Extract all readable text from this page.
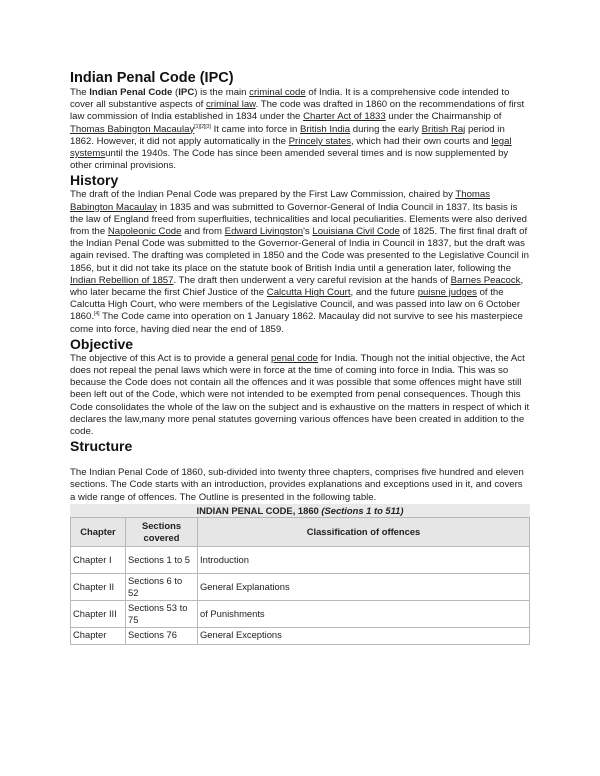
Indian Penal Code (IPC)

The Indian Penal Code (IPC) is the main criminal code of India. It is a comprehensive code intended to cover all substantive aspects of criminal law. The code was drafted in 1860 on the recommendations of first law commission of India established in 1834 under the Charter Act of 1833 under the Chairmanship of Thomas Babington Macaulay[1][2][3] It came into force in British India during the early British Raj period in 1862. However, it did not apply automatically in the Princely states, which had their own courts and legal systemsuntil the 1940s. The Code has since been amended several times and is now supplemented by other criminal provisions.

History

The draft of the Indian Penal Code was prepared by the First Law Commission, chaired by Thomas Babington Macaulay in 1835 and was submitted to Governor-General of India Council in 1837. Its basis is the law of England freed from superfluities, technicalities and local peculiarities. Elements were also derived from the Napoleonic Code and from Edward Livingston's Louisiana Civil Code of 1825. The first final draft of the Indian Penal Code was submitted to the Governor-General of India in Council in 1837, but the draft was again revised. The drafting was completed in 1850 and the Code was presented to the Legislative Council in 1856, but it did not take its place on the statute book of British India until a generation later, following the Indian Rebellion of 1857. The draft then underwent a very careful revision at the hands of Barnes Peacock, who later became the first Chief Justice of the Calcutta High Court, and the future puisne judges of the Calcutta High Court, who were members of the Legislative Council, and was passed into law on 6 October 1860.[4] The Code came into operation on 1 January 1862. Macaulay did not survive to see his masterpiece come into force, having died near the end of 1859.

Objective

The objective of this Act is to provide a general penal code for India. Though not the initial objective, the Act does not repeal the penal laws which were in force at the time of coming into force in India. This was so because the Code does not contain all the offences and it was possible that some offences might have still been left out of the Code, which were not intended to be exempted from penal consequences. Though this Code consolidates the whole of the law on the subject and is exhaustive on the matters in respect of which it declares the law,many more penal statutes governing various offences have been created in addition to the code.

Structure

The Indian Penal Code of 1860, sub-divided into twenty three chapters, comprises five hundred and eleven sections. The Code starts with an introduction, provides explanations and exceptions used in it, and covers a wide range of offences. The Outline is presented in the following table.

INDIAN PENAL CODE, 1860 (Sections 1 to 511)
Chapter	Sections covered	Classification of offences
Chapter I	Sections 1 to 5	Introduction
Chapter II	Sections 6 to 52	General Explanations
Chapter III	Sections 53 to 75	of Punishments
Chapter	Sections 76	General Exceptions
